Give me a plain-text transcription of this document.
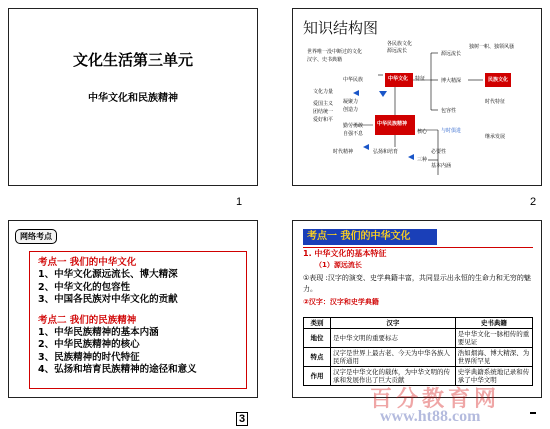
文化生活第三单元
中华文化和民族精神
1
知识结构图
各民族文化
源远流长
世界唯一没中断过的文化
汉字、史书典籍
中华文化 特征
中华民族
文化力量
凝聚力
创造力
爱国主义
团结统一
爱好和平
勤劳勇敢
自强不息
中华民族精神
弘扬和培育
时代精神
核心
三种
源远流长
独树一帜、独领风骚
博大精深	民族文化
包容性
时代特征
与时俱进
继承发展
必要性
基本内涵
2
网络考点
考点一 我们的中华文化
1、中华文化源远流长、博大精深
2、中华文化的包容性
3、中国各民族对中华文化的贡献
考点二 我们的民族精神
1、中华民族精神的基本内涵
2、中华民族精神的核心
3、民族精神的时代特征
4、弘扬和培育民族精神的途径和意义
3
考点一 我们的中华文化
1. 中华文化的基本特征
（1）源远流长
①表现 :汉字的演变、史学典籍丰富，共同显示出永恒的生命力和无穷的魅力。
②汉字：汉字和史学典籍
类别	汉字	史书典籍
地位	是中华文明的重要标志	是中华文化一脉相传的重要见证
特点	汉字是世界上最古老、今天为中华各族人民所通用	浩如烟海、博大精深、为世界所罕见
作用	汉字是中华文化的载体，为中华文明的传承和发展作出了巨大贡献	史学典籍系统地记录和传承了中华文明
百分教育网
www.ht88.com
